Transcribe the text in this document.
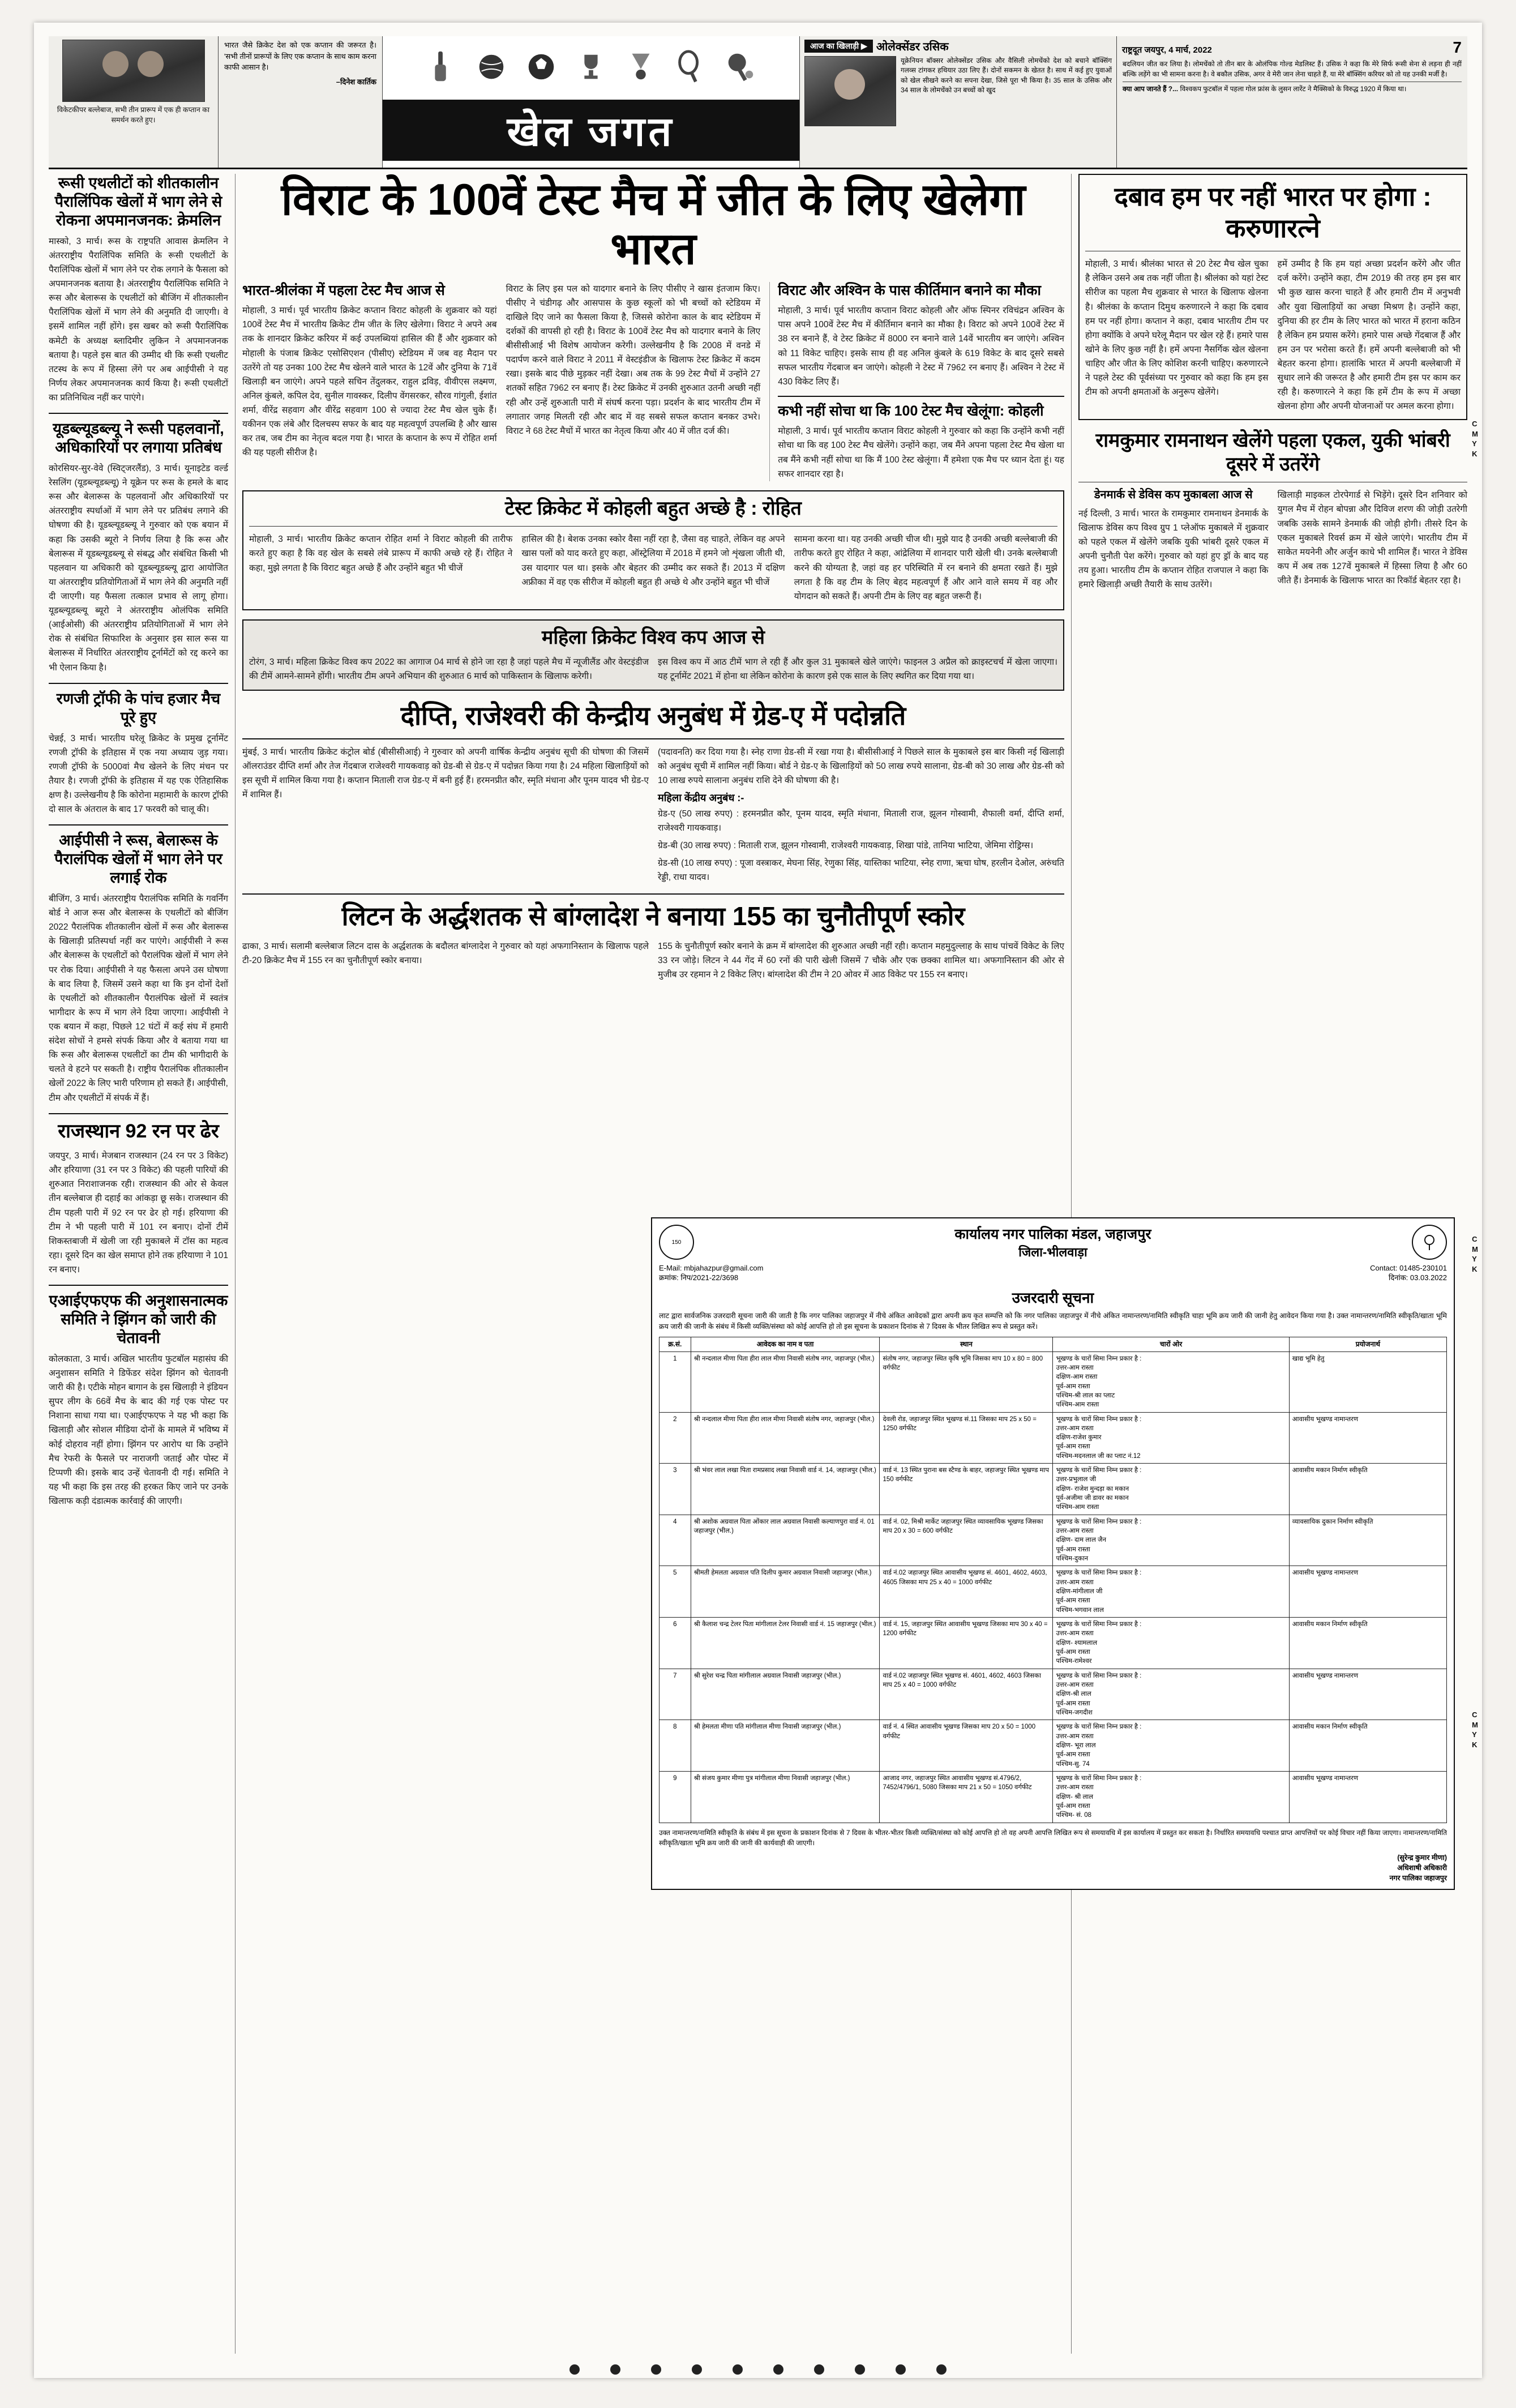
विकेटकीपर बल्लेबाज, सभी तीन प्रारूप में एक ही कप्तान का समर्थन करते हुए।
भारत जैसे क्रिकेट देश को एक कप्तान की जरूरत है। 'सभी तीनों प्रारूपों के लिए एक कप्तान के साथ काम करना काफी आसान है।
–दिनेश कार्तिक
खेल जगत
आज का खिलाड़ी ▶ ओलेक्सेंडर उसिक
यूक्रेनियन बॉक्सर ओलेक्सेंडर उसिक और वैसिली लोमचेंको देश को बचाने बॉक्सिंग गलव्स टांगकर हथियार उठा लिए हैं। दोनों सकमन के खेतत है। साथ में कई हुए युवाओं को खेल सीखने करने का सपना देखा, जिसे पूरा भी किया है। 35 साल के उसिक और 34 साल के लोमचेंको उन बच्चों को खुद
बदलियन जीत कर लिया है। लोमचेंको तो तीन बार के ओलंपिक गोल्ड मेडलिस्ट हैं। उसिक ने कहा कि मेरे सिर्फ रूसी सेना से लड़ना ही नहीं बल्कि लड़ेंगे का भी सामना करना है। वे बकौल उसिक, अगर वे मेरी जान लेना चाहते हैं, या मेरे बॉक्सिंग करियर को तो यह उनकी मर्जी है।
क्या आप जानते हैं ?... विश्वकप फुटबॉल में पहला गोल फ्रांस के लुसन लारेंट ने मैक्सिको के विरुद्ध 1920 में किया था।
राष्ट्रदूत जयपुर, 4 मार्च, 2022	7
रूसी एथलीटों को शीतकालीन पैरालिंपिक खेलों में भाग लेने से रोकना अपमानजनक: क्रेमलिन
मास्को, 3 मार्च। रूस के राष्ट्रपति आवास क्रेमलिन ने अंतरराष्ट्रीय पैरालिंपिक समिति के रूसी एथलीटों के पैरालिंपिक खेलों में भाग लेने पर रोक लगाने के फैसला को अपमानजनक बताया है। अंतरराष्ट्रीय पैरालिंपिक समिति ने रूस और बेलारूस के एथलीटों को बीजिंग में शीतकालीन पैरालिंपिक खेलों में भाग लेने की अनुमति दी जाएगी। वे इसमें शामिल नहीं होंगे। इस खबर को रूसी पैरालिंपिक कमेटी के अध्यक्ष ब्लादिमीर लुकिन ने अपमानजनक बताया है। पहले इस बात की उम्मीद थी कि रूसी एथलीट तटस्थ के रूप में हिस्सा लेंगे पर अब आईपीसी ने यह निर्णय लेकर अपमानजनक कार्य किया है। रूसी एथलीटों का प्रतिनिधित्व नहीं कर पाएंगे।
यूडब्ल्यूडब्ल्यू ने रूसी पहलवानों, अधिकारियों पर लगाया प्रतिबंध
कोरसियर-सुर-वेवे (स्विट्जरलैंड), 3 मार्च। यूनाइटेड वर्ल्ड रेसलिंग (यूडब्ल्यूडब्ल्यू) ने यूक्रेन पर रूस के हमले के बाद रूस और बेलारूस के पहलवानों और अधिकारियों पर अंतरराष्ट्रीय स्पर्धाओं में भाग लेने पर प्रतिबंध लगाने की घोषणा की है। यूडब्ल्यूडब्ल्यू ने गुरुवार को एक बयान में कहा कि उसकी ब्यूरो ने निर्णय लिया है कि रूस और बेलारूस में यूडब्ल्यूडब्ल्यू से संबद्ध और संबंधित किसी भी पहलवान या अधिकारी को यूडब्ल्यूडब्ल्यू द्वारा आयोजित या अंतरराष्ट्रीय प्रतियोगिताओं में भाग लेने की अनुमति नहीं दी जाएगी। यह फैसला तत्काल प्रभाव से लागू होगा। यूडब्ल्यूडब्ल्यू ब्यूरो ने अंतरराष्ट्रीय ओलंपिक समिति (आईओसी) की अंतरराष्ट्रीय प्रतियोगिताओं में भाग लेने रोक से संबंधित सिफारिश के अनुसार इस साल रूस या बेलारूस में निर्धारित अंतरराष्ट्रीय टूर्नामेंटों को रद्द करने का भी ऐलान किया है।
रणजी ट्रॉफी के पांच हजार मैच पूरे हुए
चेन्नई, 3 मार्च। भारतीय घरेलू क्रिकेट के प्रमुख टूर्नामेंट रणजी ट्रॉफी के इतिहास में एक नया अध्याय जुड़ गया। रणजी ट्रॉफी के 5000वां मैच खेलने के लिए मंचन पर तैयार है। रणजी ट्रॉफी के इतिहास में यह एक ऐतिहासिक क्षण है। उल्लेखनीय है कि कोरोना महामारी के कारण ट्रॉफी दो साल के अंतराल के बाद 17 फरवरी को चालू की।
आईपीसी ने रूस, बेलारूस के पैरालंपिक खेलों में भाग लेने पर लगाई रोक
बीजिंग, 3 मार्च। अंतरराष्ट्रीय पैरालंपिक समिति के गवर्निंग बोर्ड ने आज रूस और बेलारूस के एथलीटों को बीजिंग 2022 पैरालंपिक शीतकालीन खेलों में रूस और बेलारूस के खिलाड़ी प्रतिस्पर्धा नहीं कर पाएंगे। आईपीसी ने रूस और बेलारूस के एथलीटों को पैरालंपिक खेलों में भाग लेने पर रोक दिया। आईपीसी ने यह फैसला अपने उस घोषणा के बाद लिया है, जिसमें उसने कहा था कि इन दोनों देशों के एथलीटों को शीतकालीन पैरालंपिक खेलों में स्वतंत्र भागीदार के रूप में भाग लेने दिया जाएगा। आईपीसी ने एक बयान में कहा, पिछले 12 घंटों में कई संघ में हमारी संदेश सोचों ने हमसे संपर्क किया और वे बताया गया था कि रूस और बेलारूस एथलीटों का टीम की भागीदारी के चलते वे हटने पर सकती है। राष्ट्रीय पैरालंपिक शीतकालीन खेलों 2022 के लिए भारी परिणाम हो सकते हैं। आईपीसी, टीम और एथलीटों में संपर्क में हैं।
राजस्थान 92 रन पर ढेर
जयपुर, 3 मार्च। मेजबान राजस्थान (24 रन पर 3 विकेट) और हरियाणा (31 रन पर 3 विकेट) की पहली पारियों की शुरुआत निराशाजनक रही। राजस्थान की ओर से केवल तीन बल्लेबाज ही दहाई का आंकड़ा छू सके। राजस्थान की टीम पहली पारी में 92 रन पर ढेर हो गई। हरियाणा की टीम ने भी पहली पारी में 101 रन बनाए। दोनों टीमें शिकस्तबाजी में खेली जा रही मुकाबले में टॉस का महत्व रहा। दूसरे दिन का खेल समाप्त होने तक हरियाणा ने 101 रन बनाए।
एआईएफएफ की अनुशासनात्मक समिति ने झिंगन को जारी की चेतावनी
कोलकाता, 3 मार्च। अखिल भारतीय फुटबॉल महासंघ की अनुशासन समिति ने डिफेंडर संदेश झिंगन को चेतावनी जारी की है। एटीके मोहन बागान के इस खिलाड़ी ने इंडियन सुपर लीग के 66वें मैच के बाद की गई एक पोस्ट पर निशाना साधा गया था। एआईएफएफ ने यह भी कहा कि खिलाड़ी और सोशल मीडिया दोनों के मामले में भविष्य में कोई दोहराव नहीं होगा। झिंगन पर आरोप था कि उन्होंने मैच रेफरी के फैसले पर नाराजगी जताई और पोस्ट में टिप्पणी की। इसके बाद उन्हें चेतावनी दी गई। समिति ने यह भी कहा कि इस तरह की हरकत किए जाने पर उनके खिलाफ कड़ी दंडात्मक कार्रवाई की जाएगी।
विराट के 100वें टेस्ट मैच में जीत के लिए खेलेगा भारत
भारत-श्रीलंका में पहला टेस्ट मैच आज से
मोहाली, 3 मार्च। पूर्व भारतीय क्रिकेट कप्तान विराट कोहली के शुक्रवार को यहां 100वें टेस्ट मैच में भारतीय क्रिकेट टीम जीत के लिए खेलेगा। विराट ने अपने अब तक के शानदार क्रिकेट करियर में कई उपलब्धियां हासिल की हैं और शुक्रवार को मोहाली के पंजाब क्रिकेट एसोसिएशन (पीसीए) स्टेडियम में जब वह मैदान पर उतरेंगे तो यह उनका 100 टेस्ट मैच खेलने वाले भारत के 12वें और दुनिया के 71वें खिलाड़ी बन जाएंगे। अपने पहले सचिन तेंदुलकर, राहुल द्रविड़, वीवीएस लक्ष्मण, अनिल कुंबले, कपिल देव, सुनील गावस्कर, दिलीप वेंगसरकर, सौरव गांगुली, ईशांत शर्मा, वीरेंद्र सहवाग और वीरेंद्र सहवाग 100 से ज्यादा टेस्ट मैच खेल चुके हैं। यकीनन एक लंबे और दिलचस्प सफर के बाद यह महत्वपूर्ण उपलब्धि है और खास कर तब, जब टीम का नेतृत्व बदल गया है। भारत के कप्तान के रूप में रोहित शर्मा की यह पहली सीरीज है।
विराट के लिए इस पल को यादगार बनाने के लिए पीसीए ने खास इंतजाम किए। पीसीए ने चंडीगढ़ और आसपास के कुछ स्कूलों को भी बच्चों को स्टेडियम में दाखिले दिए जाने का फैसला किया है, जिससे कोरोना काल के बाद स्टेडियम में दर्शकों की वापसी हो रही है। विराट के 100वें टेस्ट मैच को यादगार बनाने के लिए बीसीसीआई भी विशेष आयोजन करेगी। उल्लेखनीय है कि 2008 में वनडे में पदार्पण करने वाले विराट ने 2011 में वेस्टइंडीज के खिलाफ टेस्ट क्रिकेट में कदम रखा। इसके बाद पीछे मुड़कर नहीं देखा। अब तक के 99 टेस्ट मैचों में उन्होंने 27 शतकों सहित 7962 रन बनाए हैं। टेस्ट क्रिकेट में उनकी शुरुआत उतनी अच्छी नहीं रही और उन्हें शुरुआती पारी में संघर्ष करना पड़ा। प्रदर्शन के बाद भारतीय टीम में लगातार जगह मिलती रही और बाद में वह सबसे सफल कप्तान बनकर उभरे। विराट ने 68 टेस्ट मैचों में भारत का नेतृत्व किया और 40 में जीत दर्ज की।
विराट और अश्विन के पास कीर्तिमान बनाने का मौका
मोहाली, 3 मार्च। पूर्व भारतीय कप्तान विराट कोहली और ऑफ स्पिनर रविचंद्रन अश्विन के पास अपने 100वें टेस्ट मैच में कीर्तिमान बनाने का मौका है। विराट को अपने 100वें टेस्ट में 38 रन बनाने हैं, वे टेस्ट क्रिकेट में 8000 रन बनाने वाले 14वें भारतीय बन जाएंगे। अश्विन को 11 विकेट चाहिए। इसके साथ ही वह अनिल कुंबले के 619 विकेट के बाद दूसरे सबसे सफल भारतीय गेंदबाज बन जाएंगे। कोहली ने टेस्ट में 7962 रन बनाए हैं। अश्विन ने टेस्ट में 430 विकेट लिए हैं।
कभी नहीं सोचा था कि 100 टेस्ट मैच खेलूंगा: कोहली
मोहाली, 3 मार्च। पूर्व भारतीय कप्तान विराट कोहली ने गुरुवार को कहा कि उन्होंने कभी नहीं सोचा था कि वह 100 टेस्ट मैच खेलेंगे। उन्होंने कहा, जब मैंने अपना पहला टेस्ट मैच खेला था तब मैंने कभी नहीं सोचा था कि मैं 100 टेस्ट खेलूंगा। मैं हमेशा एक मैच पर ध्यान देता हूं। यह सफर शानदार रहा है।
टेस्ट क्रिकेट में कोहली बहुत अच्छे है : रोहित
मोहाली, 3 मार्च। भारतीय क्रिकेट कप्तान रोहित शर्मा ने विराट कोहली की तारीफ करते हुए कहा है कि वह खेल के सबसे लंबे प्रारूप में काफी अच्छे रहे हैं। रोहित ने कहा, मुझे लगता है कि विराट बहुत अच्छे हैं और उन्होंने बहुत भी चीजें
हासिल की है। बेशक उनका स्कोर वैसा नहीं रहा है, जैसा वह चाहते, लेकिन वह अपने खास पलों को याद करते हुए कहा, ऑस्ट्रेलिया में 2018 में हमने जो शृंखला जीती थी, उस यादगार पल था। इसके और बेहतर की उम्मीद कर सकते हैं। 2013 में दक्षिण अफ्रीका में वह एक सीरीज में कोहली बहुत ही अच्छे थे और उन्होंने बहुत भी चीजें
सामना करना था। यह उनकी अच्छी चीज थी। मुझे याद है उनकी अच्छी बल्लेबाजी की तारीफ करते हुए रोहित ने कहा, आंद्रेलिया में शानदार पारी खेली थी। उनके बल्लेबाजी करने की योग्यता है, जहां वह हर परिस्थिति में रन बनाने की क्षमता रखते हैं। मुझे लगता है कि वह टीम के लिए बेहद महत्वपूर्ण हैं और आने वाले समय में वह और योगदान को सकते हैं। अपनी टीम के लिए वह बहुत जरूरी हैं।
महिला क्रिकेट विश्व कप आज से
टोरंग, 3 मार्च। महिला क्रिकेट विश्व कप 2022 का आगाज 04 मार्च से होने जा रहा है जहां पहले मैच में न्यूजीलैंड और वेस्टइंडीज की टीमें आमने-सामने होंगी। भारतीय टीम अपने अभियान की शुरुआत 6 मार्च को पाकिस्तान के खिलाफ करेगी।
इस विश्व कप में आठ टीमें भाग ले रही हैं और कुल 31 मुकाबले खेले जाएंगे। फाइनल 3 अप्रैल को क्राइस्टचर्च में खेला जाएगा। यह टूर्नामेंट 2021 में होना था लेकिन कोरोना के कारण इसे एक साल के लिए स्थगित कर दिया गया था।
दीप्ति, राजेश्वरी की केन्द्रीय अनुबंध में ग्रेड-ए में पदोन्नति
मुंबई, 3 मार्च। भारतीय क्रिकेट कंट्रोल बोर्ड (बीसीसीआई) ने गुरुवार को अपनी वार्षिक केन्द्रीय अनुबंध सूची की घोषणा की जिसमें ऑलराउंडर दीप्ति शर्मा और तेज गेंदबाज राजेश्वरी गायकवाड़ को ग्रेड-बी से ग्रेड-ए में पदोन्नत किया गया है। 24 महिला खिलाड़ियों को इस सूची में शामिल किया गया है। कप्तान मिताली राज ग्रेड-ए में बनी हुई हैं। हरमनप्रीत कौर, स्मृति मंधाना और पूनम यादव भी ग्रेड-ए में शामिल हैं।
(पदावनति) कर दिया गया है। स्नेह राणा ग्रेड-सी में रखा गया है। बीसीसीआई ने पिछले साल के मुकाबले इस बार किसी नई खिलाड़ी को अनुबंध सूची में शामिल नहीं किया। बोर्ड ने ग्रेड-ए के खिलाड़ियों को 50 लाख रुपये सालाना, ग्रेड-बी को 30 लाख और ग्रेड-सी को 10 लाख रुपये सालाना अनुबंध राशि देने की घोषणा की है।
महिला केंद्रीय अनुबंध :-
ग्रेड-ए (50 लाख रुपए) : हरमनप्रीत कौर, पूनम यादव, स्मृति मंधाना, मिताली राज, झूलन गोस्वामी, शैफाली वर्मा, दीप्ति शर्मा, राजेश्वरी गायकवाड़।
ग्रेड-बी (30 लाख रुपए) : मिताली राज, झूलन गोस्वामी, राजेश्वरी गायकवाड़, शिखा पांडे, तानिया भाटिया, जेमिमा रोड्रिग्स।
ग्रेड-सी (10 लाख रुपए) : पूजा वस्त्राकर, मेघना सिंह, रेणुका सिंह, यास्तिका भाटिया, स्नेह राणा, ऋचा घोष, हरलीन देओल, अरुंधति रेड्डी, राधा यादव।
लिटन के अर्द्धशतक से बांग्लादेश ने बनाया 155 का चुनौतीपूर्ण स्कोर
ढाका, 3 मार्च। सलामी बल्लेबाज लिटन दास के अर्द्धशतक के बदौलत बांग्लादेश ने गुरुवार को यहां अफगानिस्तान के खिलाफ पहले टी-20 क्रिकेट मैच में 155 रन का चुनौतीपूर्ण स्कोर बनाया।
155 के चुनौतीपूर्ण स्कोर बनाने के क्रम में बांग्लादेश की शुरुआत अच्छी नहीं रही। कप्तान महमुदुल्लाह के साथ पांचवें विकेट के लिए 33 रन जोड़े। लिटन ने 44 गेंद में 60 रनों की पारी खेली जिसमें 7 चौके और एक छक्का शामिल था। अफगानिस्तान की ओर से मुजीब उर रहमान ने 2 विकेट लिए। बांग्लादेश की टीम ने 20 ओवर में आठ विकेट पर 155 रन बनाए।
दबाव हम पर नहीं भारत पर होगा : करुणारत्ने
मोहाली, 3 मार्च। श्रीलंका भारत से 20 टेस्ट मैच खेल चुका है लेकिन उसने अब तक नहीं जीता है। श्रीलंका को यहां टेस्ट सीरीज का पहला मैच शुक्रवार से भारत के खिलाफ खेलना है। श्रीलंका के कप्तान दिमुथ करुणारत्ने ने कहा कि दबाव हम पर नहीं होगा। कप्तान ने कहा, दबाव भारतीय टीम पर होगा क्योंकि वे अपने घरेलू मैदान पर खेल रहे हैं। हमारे पास खोने के लिए कुछ नहीं है। हमें अपना नैसर्गिक खेल खेलना चाहिए और जीत के लिए कोशिश करनी चाहिए। करुणारत्ने ने पहले टेस्ट की पूर्वसंध्या पर गुरुवार को कहा कि हम इस टीम को अपनी क्षमताओं के अनुरूप खेलेंगे।
हमें उम्मीद है कि हम यहां अच्छा प्रदर्शन करेंगे और जीत दर्ज करेंगे। उन्होंने कहा, टीम 2019 की तरह हम इस बार भी कुछ खास करना चाहते हैं और हमारी टीम में अनुभवी और युवा खिलाड़ियों का अच्छा मिश्रण है। उन्होंने कहा, दुनिया की हर टीम के लिए भारत को भारत में हराना कठिन है लेकिन हम प्रयास करेंगे। हमारे पास अच्छे गेंदबाज हैं और हम उन पर भरोसा करते हैं। हमें अपनी बल्लेबाजी को भी बेहतर करना होगा। हालांकि भारत में अपनी बल्लेबाजी में सुधार लाने की जरूरत है और हमारी टीम इस पर काम कर रही है। करुणारत्ने ने कहा कि हमें टीम के रूप में अच्छा खेलना होगा और अपनी योजनाओं पर अमल करना होगा।
रामकुमार रामनाथन खेलेंगे पहला एकल, युकी भांबरी दूसरे में उतरेंगे
डेनमार्क से डेविस कप मुकाबला आज से
नई दिल्ली, 3 मार्च। भारत के रामकुमार रामनाथन डेनमार्क के खिलाफ डेविस कप विश्व ग्रुप 1 प्लेऑफ मुकाबले में शुक्रवार को पहले एकल में खेलेंगे जबकि युकी भांबरी दूसरे एकल में अपनी चुनौती पेश करेंगे। गुरुवार को यहां हुए ड्रॉ के बाद यह तय हुआ। भारतीय टीम के कप्तान रोहित राजपाल ने कहा कि हमारे खिलाड़ी अच्छी तैयारी के साथ उतरेंगे।
खिलाड़ी माइकल टोरपेगार्ड से भिड़ेंगे। दूसरे दिन शनिवार को युगल मैच में रोहन बोपन्ना और दिविज शरण की जोड़ी उतरेगी जबकि उसके सामने डेनमार्क की जोड़ी होगी। तीसरे दिन के एकल मुकाबले रिवर्स क्रम में खेले जाएंगे। भारतीय टीम में साकेत मयनेनी और अर्जुन काधे भी शामिल हैं। भारत ने डेविस कप में अब तक 127वें मुकाबले में हिस्सा लिया है और 60 जीते हैं। डेनमार्क के खिलाफ भारत का रिकॉर्ड बेहतर रहा है।
150	कार्यालय नगर पालिका मंडल, जहाजपुर
जिला-भीलवाड़ा
E-Mail: mbjahazpur@gmail.com
क्रमांक: निप/2021-22/3698
Contact: 01485-230101
दिनांक: 03.03.2022
उजरदारी सूचना
लाट द्वारा सार्वजनिक उजरदारी सूचना जारी की जाती है कि नगर पालिका जहाजपुर में नीचे अंकित आवेदकों द्वारा अपनी क्रय कृत सम्पत्ति को कि नगर पालिका जहाजपुर में नीचे अंकित नामान्तरण/नामिति स्वीकृति चाहा भूमि क्रय जारी की जानी हेतु आवेदन किया गया है। उक्त नामान्तरण/नामिति स्वीकृति/खाता भूमि क्रय जारी की जानी के संबंध में किसी व्यक्ति/संस्था को कोई आपत्ति हो तो इस सूचना के प्रकाशन दिनांक से 7 दिवस के भीतर लिखित रूप से प्रस्तुत करें।
क्र.सं.	आवेदक का नाम व पता	स्थान	चारों ओर	प्रयोजनार्थ
1	श्री नन्दलाल मीणा पिता हीरा लाल मीणा निवासी संतोष नगर, जहाजपुर (भील.)	संतोष नगर, जहाजपुर स्थित कृषि भूमि जिसका माप 10 x 80 = 800 वर्गफीट	भूखण्ड के चारों सिमा निम्न प्रकार है :
उत्तर-आम रास्ता
दक्षिण-आम रास्ता
पूर्व-आम रास्ता
पश्चिम-श्री लाल का प्लाट
पश्चिम-आम रास्ता	खाद्य भूमि हेतु
2	श्री नन्दलाल मीणा पिता हीरा लाल मीणा निवासी संतोष नगर, जहाजपुर (भील.)	देवली रोड, जहाजपुर स्थित भूखण्ड सं.11 जिसका माप 25 x 50 = 1250 वर्गफीट	भूखण्ड के चारों सिमा निम्न प्रकार है :
उत्तर-आम रास्ता
दक्षिण-राजेश कुमार
पूर्व-आम रास्ता
पश्चिम-मदनलाल जी का प्लाट नं.12	आवासीय भूखण्ड नामान्तरण
3	श्री भंवर लाल लखा पिता रामप्रसाद लखा निवासी वार्ड नं. 14, जहाजपुर (भील.)	वार्ड नं. 13 स्थित पुराना बस स्टैण्ड के बाहर, जहाजपुर स्थित भूखण्ड माप 150 वर्गफीट	भूखण्ड के चारों सिमा निम्न प्रकार है :
उत्तर-प्रभुलाल जी
दक्षिण- राजेश मुन्दड़ा का मकान
पूर्व-अजीमा जी डावर का मकान
पश्चिम-आम रास्ता	आवासीय मकान निर्माण स्वीकृति
4	श्री अशोक अग्रवाल पिता ओंकार लाल अग्रवाल निवासी कल्याणपुरा वार्ड नं. 01 जहाजपुर (भील.)	वार्ड नं. 02, मिश्री मार्केट जहाजपुर स्थित व्यावसायिक भूखण्ड जिसका माप 20 x 30 = 600 वर्गफीट	भूखण्ड के चारों सिमा निम्न प्रकार है :
उत्तर-आम रास्ता
दक्षिण- दाम लाल जैन
पूर्व-आम रास्ता
पश्चिम-दुकान	व्यावसायिक दुकान निर्माण स्वीकृति
5	श्रीमती हेमलता अग्रवाल पति दिलीप कुमार अग्रवाल निवासी जहाजपुर (भील.)	वार्ड नं.02 जहाजपुर स्थित आवासीय भूखण्ड सं. 4601, 4602, 4603, 4605 जिसका माप 25 x 40 = 1000 वर्गफीट	भूखण्ड के चारों सिमा निम्न प्रकार है :
उत्तर-आम रास्ता
दक्षिण-मांगीलाल जी
पूर्व-आम रास्ता
पश्चिम-भगवान लाल	आवासीय भूखण्ड नामान्तरण
6	श्री कैलाश चन्द्र टेलर पिता मांगीलाल टेलर निवासी वार्ड नं. 15 जहाजपुर (भील.)	वार्ड नं. 15, जहाजपुर स्थित आवासीय भूखण्ड जिसका माप 30 x 40 = 1200 वर्गफीट	भूखण्ड के चारों सिमा निम्न प्रकार है :
उत्तर-आम रास्ता
दक्षिण- श्यामलाल
पूर्व-आम रास्ता
पश्चिम-रामेश्वर	आवासीय मकान निर्माण स्वीकृति
7	श्री सुरेश चन्द्र पिता मांगीलाल अग्रवाल निवासी जहाजपुर (भील.)	वार्ड नं.02 जहाजपुर स्थित भूखण्ड सं. 4601, 4602, 4603 जिसका माप 25 x 40 = 1000 वर्गफीट	भूखण्ड के चारों सिमा निम्न प्रकार है :
उत्तर-आम रास्ता
दक्षिण-श्री लाल
पूर्व-आम रास्ता
पश्चिम-जगदीश	आवासीय भूखण्ड नामान्तरण
8	श्री हेमलता मीणा पति मांगीलाल मीणा निवासी जहाजपुर (भील.)	वार्ड नं. 4 स्थित आवासीय भूखण्ड जिसका माप 20 x 50 = 1000 वर्गफीट	भूखण्ड के चारों सिमा निम्न प्रकार है :
उत्तर-आम रास्ता
दक्षिण- भूरा लाल
पूर्व-आम रास्ता
पश्चिम-सु. 74	आवासीय मकान निर्माण स्वीकृति
9	श्री संजय कुमार मीणा पुत्र मांगीलाल मीणा निवासी जहाजपुर (भील.)	आजाद नगर, जहाजपुर स्थित आवासीय भूखण्ड सं.4796/2, 7452/4796/1, 5080 जिसका माप 21 x 50 = 1050 वर्गफीट	भूखण्ड के चारों सिमा निम्न प्रकार है :
उत्तर-आम रास्ता
दक्षिण- श्री लाल
पूर्व-आम रास्ता
पश्चिम- सं. 08	आवासीय भूखण्ड नामान्तरण
उक्त नामान्तरण/नामिति स्वीकृति के संबंध में इस सूचना के प्रकाशन दिनांक से 7 दिवस के भीतर-भीतर किसी व्यक्ति/संस्था को कोई आपत्ति हो तो वह अपनी आपत्ति लिखित रूप से समयावधि में इस कार्यालय में प्रस्तुत कर सकता है। निर्धारित समयावधि पश्चात प्राप्त आपत्तियों पर कोई विचार नहीं किया जाएगा। नामान्तरण/नामिति स्वीकृति/खाता भूमि क्रय जारी की जानी की कार्यवाही की जाएगी।
(सुरेन्द्र कुमार मीणा)
अधिशाषी अधिकारी
नगर पालिका जहाजपुर
C
M
Y
K
C
M
Y
K
C
M
Y
K
